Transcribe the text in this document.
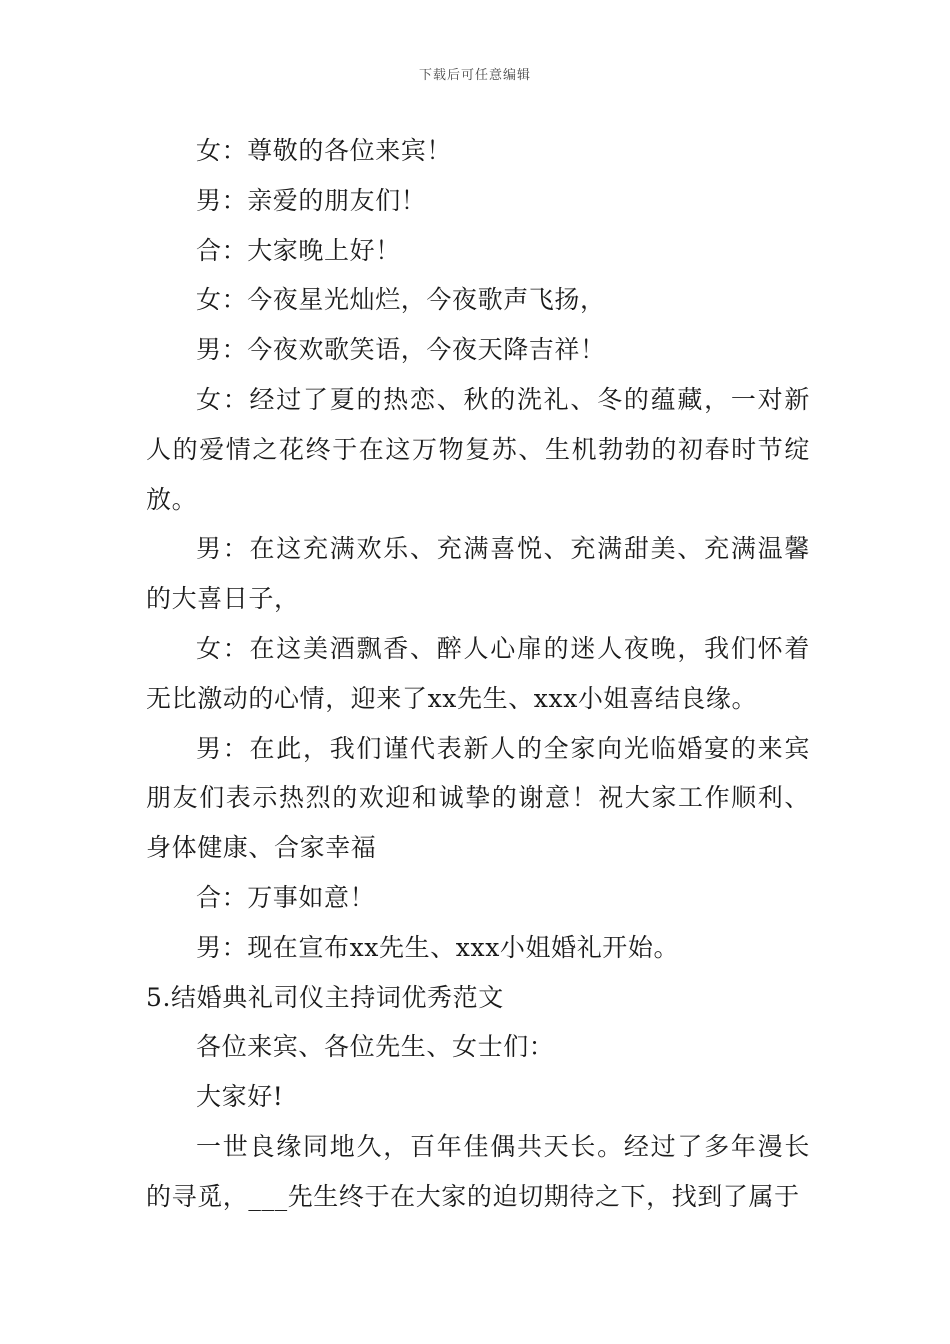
下载后可任意编辑

女：尊敬的各位来宾！

男：亲爱的朋友们！

合：大家晚上好！

女：今夜星光灿烂，今夜歌声飞扬，

男：今夜欢歌笑语，今夜天降吉祥！

女：经过了夏的热恋、秋的洗礼、冬的蕴藏，一对新人的爱情之花终于在这万物复苏、生机勃勃的初春时节绽放。

男：在这充满欢乐、充满喜悦、充满甜美、充满温馨的大喜日子，

女：在这美酒飘香、醉人心扉的迷人夜晚，我们怀着无比激动的心情，迎来了xx先生、xxx小姐喜结良缘。

男：在此，我们谨代表新人的全家向光临婚宴的来宾朋友们表示热烈的欢迎和诚挚的谢意！祝大家工作顺利、身体健康、合家幸福

合：万事如意！

男：现在宣布xx先生、xxx小姐婚礼开始。

5.结婚典礼司仪主持词优秀范文

各位来宾、各位先生、女士们：

大家好!

一世良缘同地久，百年佳偶共天长。经过了多年漫长的寻觅，___先生终于在大家的迫切期待之下，找到了属于
